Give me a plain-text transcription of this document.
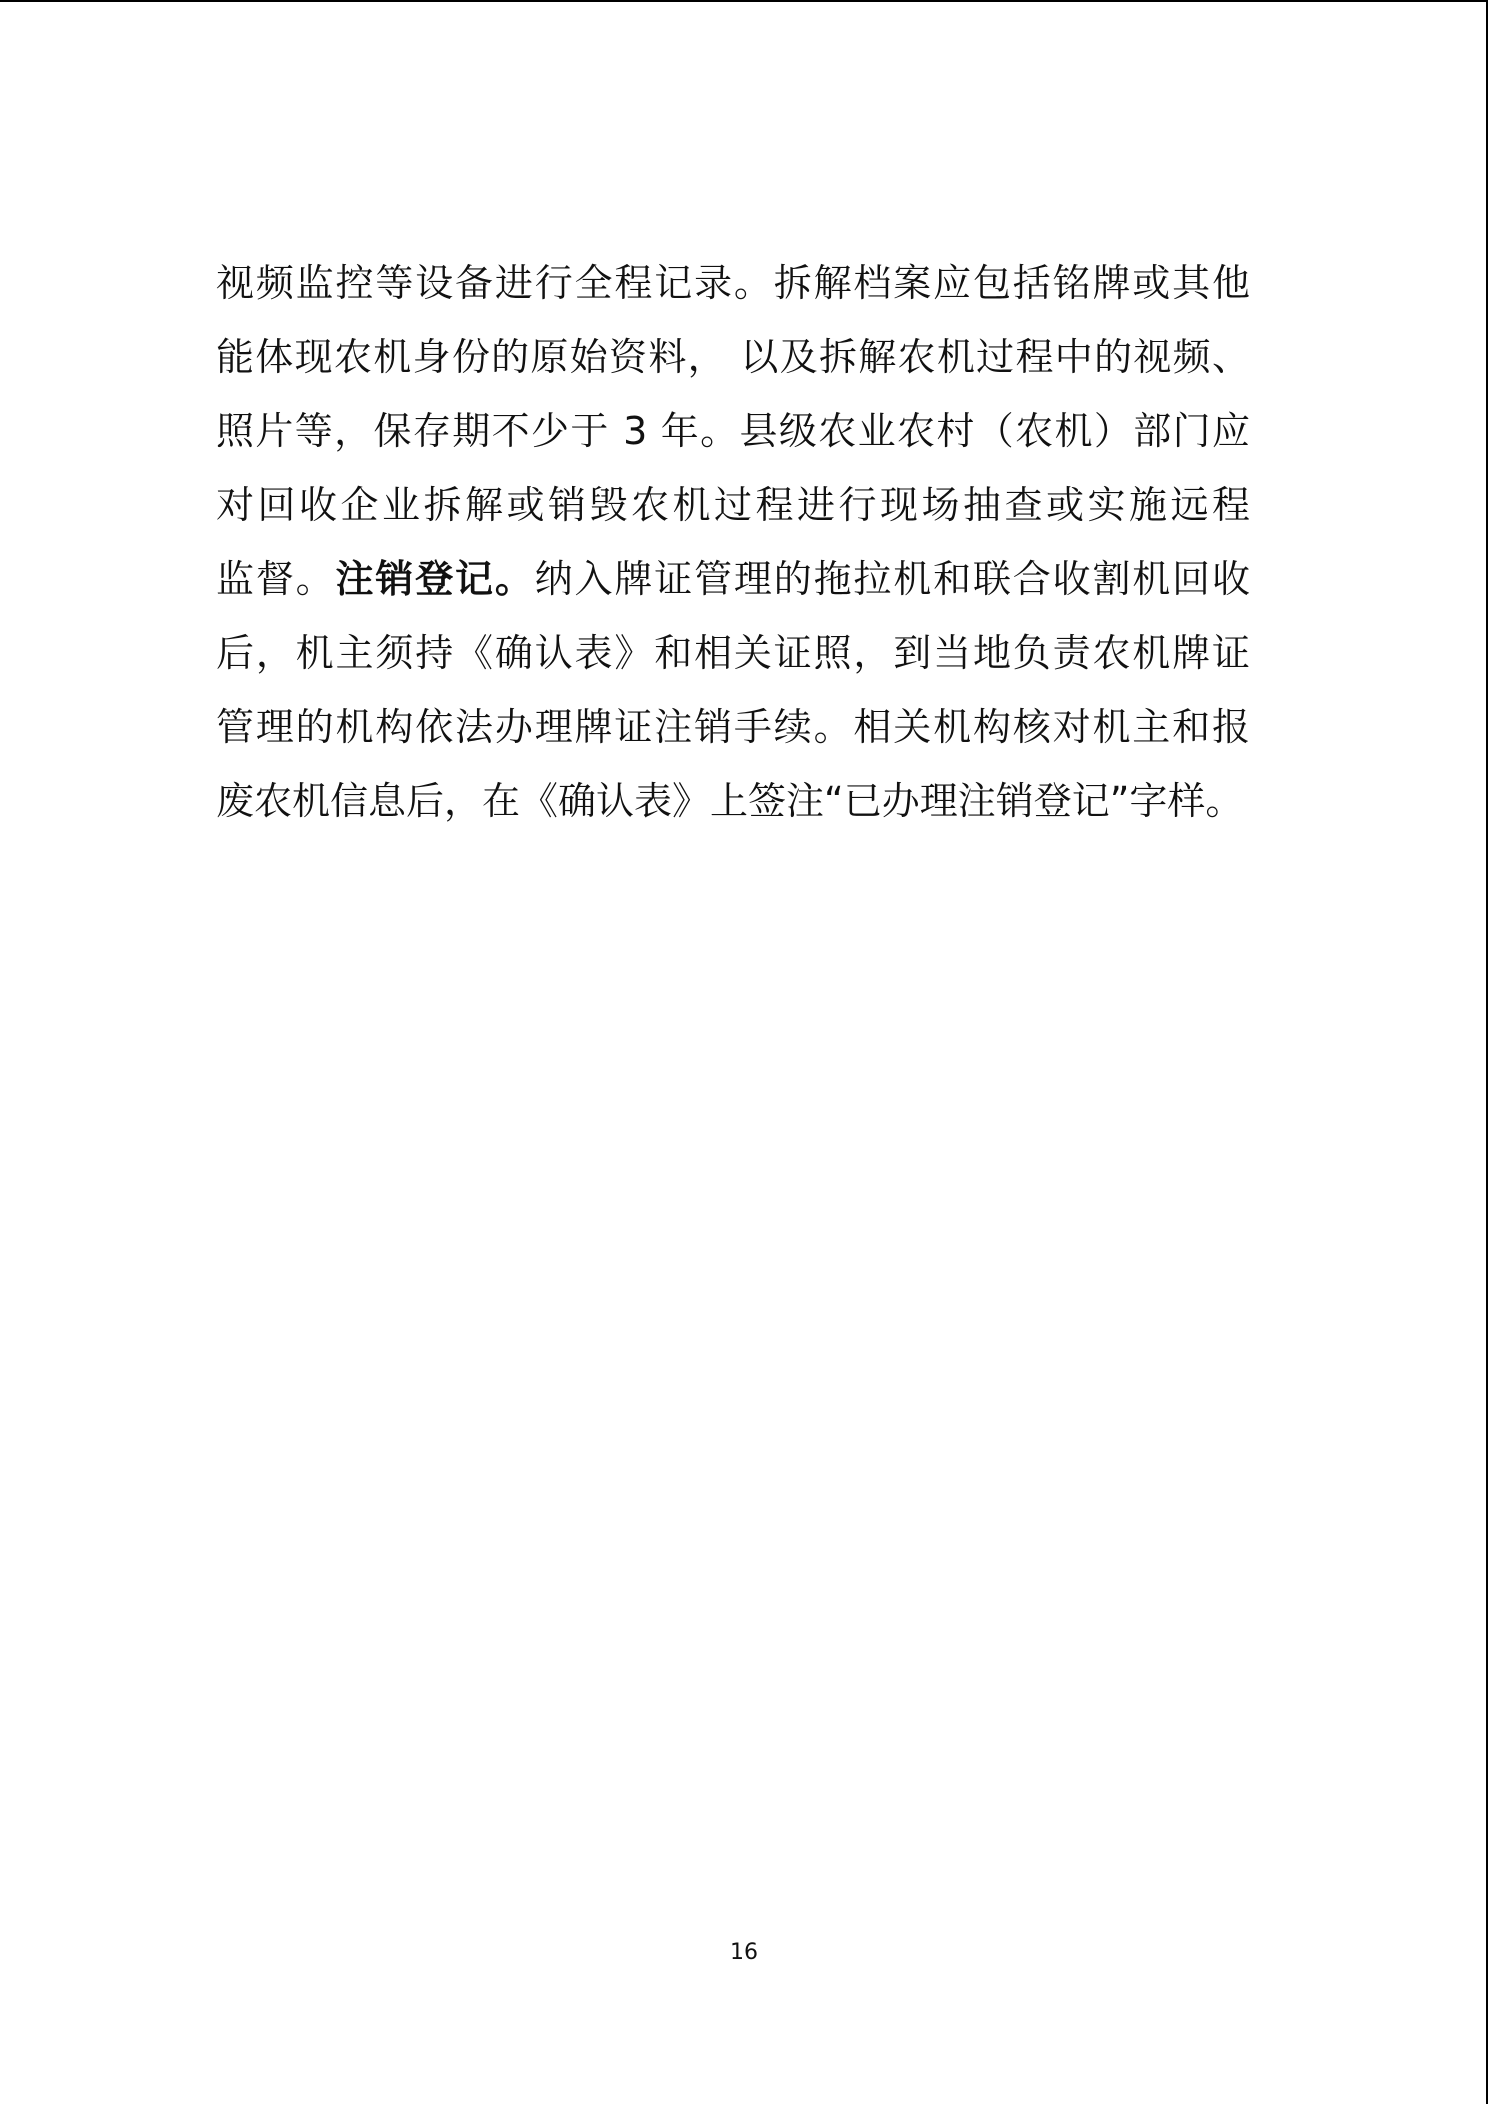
视频监控等设备进行全程记录。拆解档案应包括铭牌或其他
能体现农机身份的原始资料， 以及拆解农机过程中的视频、
照片等，保存期不少于 3 年。县级农业农村（农机）部门应
对回收企业拆解或销毁农机过程进行现场抽查或实施远程
监督。注销登记。纳入牌证管理的拖拉机和联合收割机回收
后，机主须持《确认表》和相关证照，到当地负责农机牌证
管理的机构依法办理牌证注销手续。相关机构核对机主和报
废农机信息后，在《确认表》上签注“已办理注销登记”字样。
16
